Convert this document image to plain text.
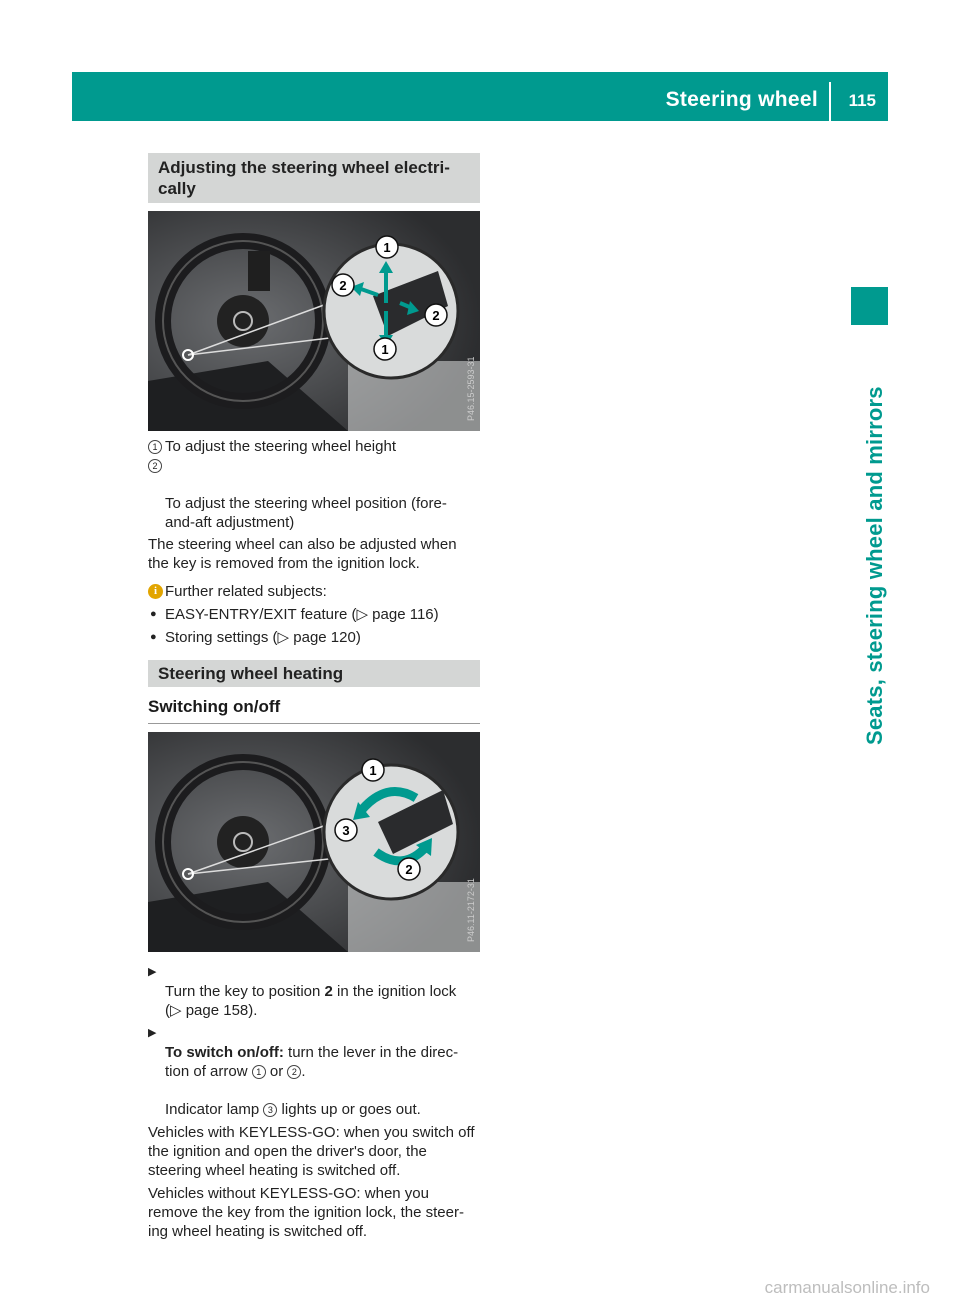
Steering wheel 115
Seats, steering wheel and mirrors
Adjusting the steering wheel electri-
cally
1
2
2
1
P46.15-2593-31
1 To adjust the steering wheel height

2

To adjust the steering wheel position (fore-
and-aft adjustment)

The steering wheel can also be adjusted when
the key is removed from the ignition lock.

i Further related subjects:
● EASY-ENTRY/EXIT feature (▷ page 116)
● Storing settings (▷ page 120)
Steering wheel heating
Switching on/off
1
3
2
P46.11-2172-31

▶
Turn the key to position 2 in the ignition lock
(▷ page 158).

▶
To switch on/off: turn the lever in the direc-
tion of arrow 1 or 2 .

Indicator lamp 3 lights up or goes out.

Vehicles with KEYLESS-GO: when you switch off
the ignition and open the driver's door, the
steering wheel heating is switched off.

Vehicles without KEYLESS-GO: when you
remove the key from the ignition lock, the steer-
ing wheel heating is switched off.

carmanualsonline.info
